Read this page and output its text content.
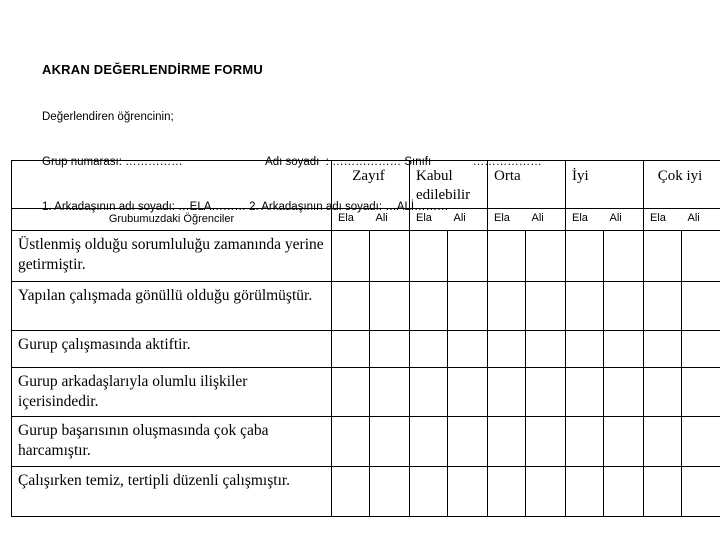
AKRAN DEĞERLENDİRME FORMU

Değerlendiren öğrencinin;

Grup numarası: ……………                          Adı soyadı  : ……………… Sınıfı             ………………

1. Arkadaşının adı soyadı: …ELA……… 2. Arkadaşının adı soyadı: …ALİ………

	Zayıf		Kabul edilebilir		Orta		İyi		Çok iyi	
Grubumuzdaki Öğrenciler	Ela	Ali	Ela	Ali	Ela	Ali	Ela	Ali	Ela	Ali
Üstlenmiş olduğu sorumluluğu zamanında yerine getirmiştir.										
Yapılan çalışmada gönüllü olduğu görülmüştür.										
Gurup çalışmasında aktiftir.										
Gurup arkadaşlarıyla olumlu ilişkiler içerisindedir.										
Gurup başarısının oluşmasında çok çaba harcamıştır.										
Çalışırken temiz, tertipli düzenli çalışmıştır.										
